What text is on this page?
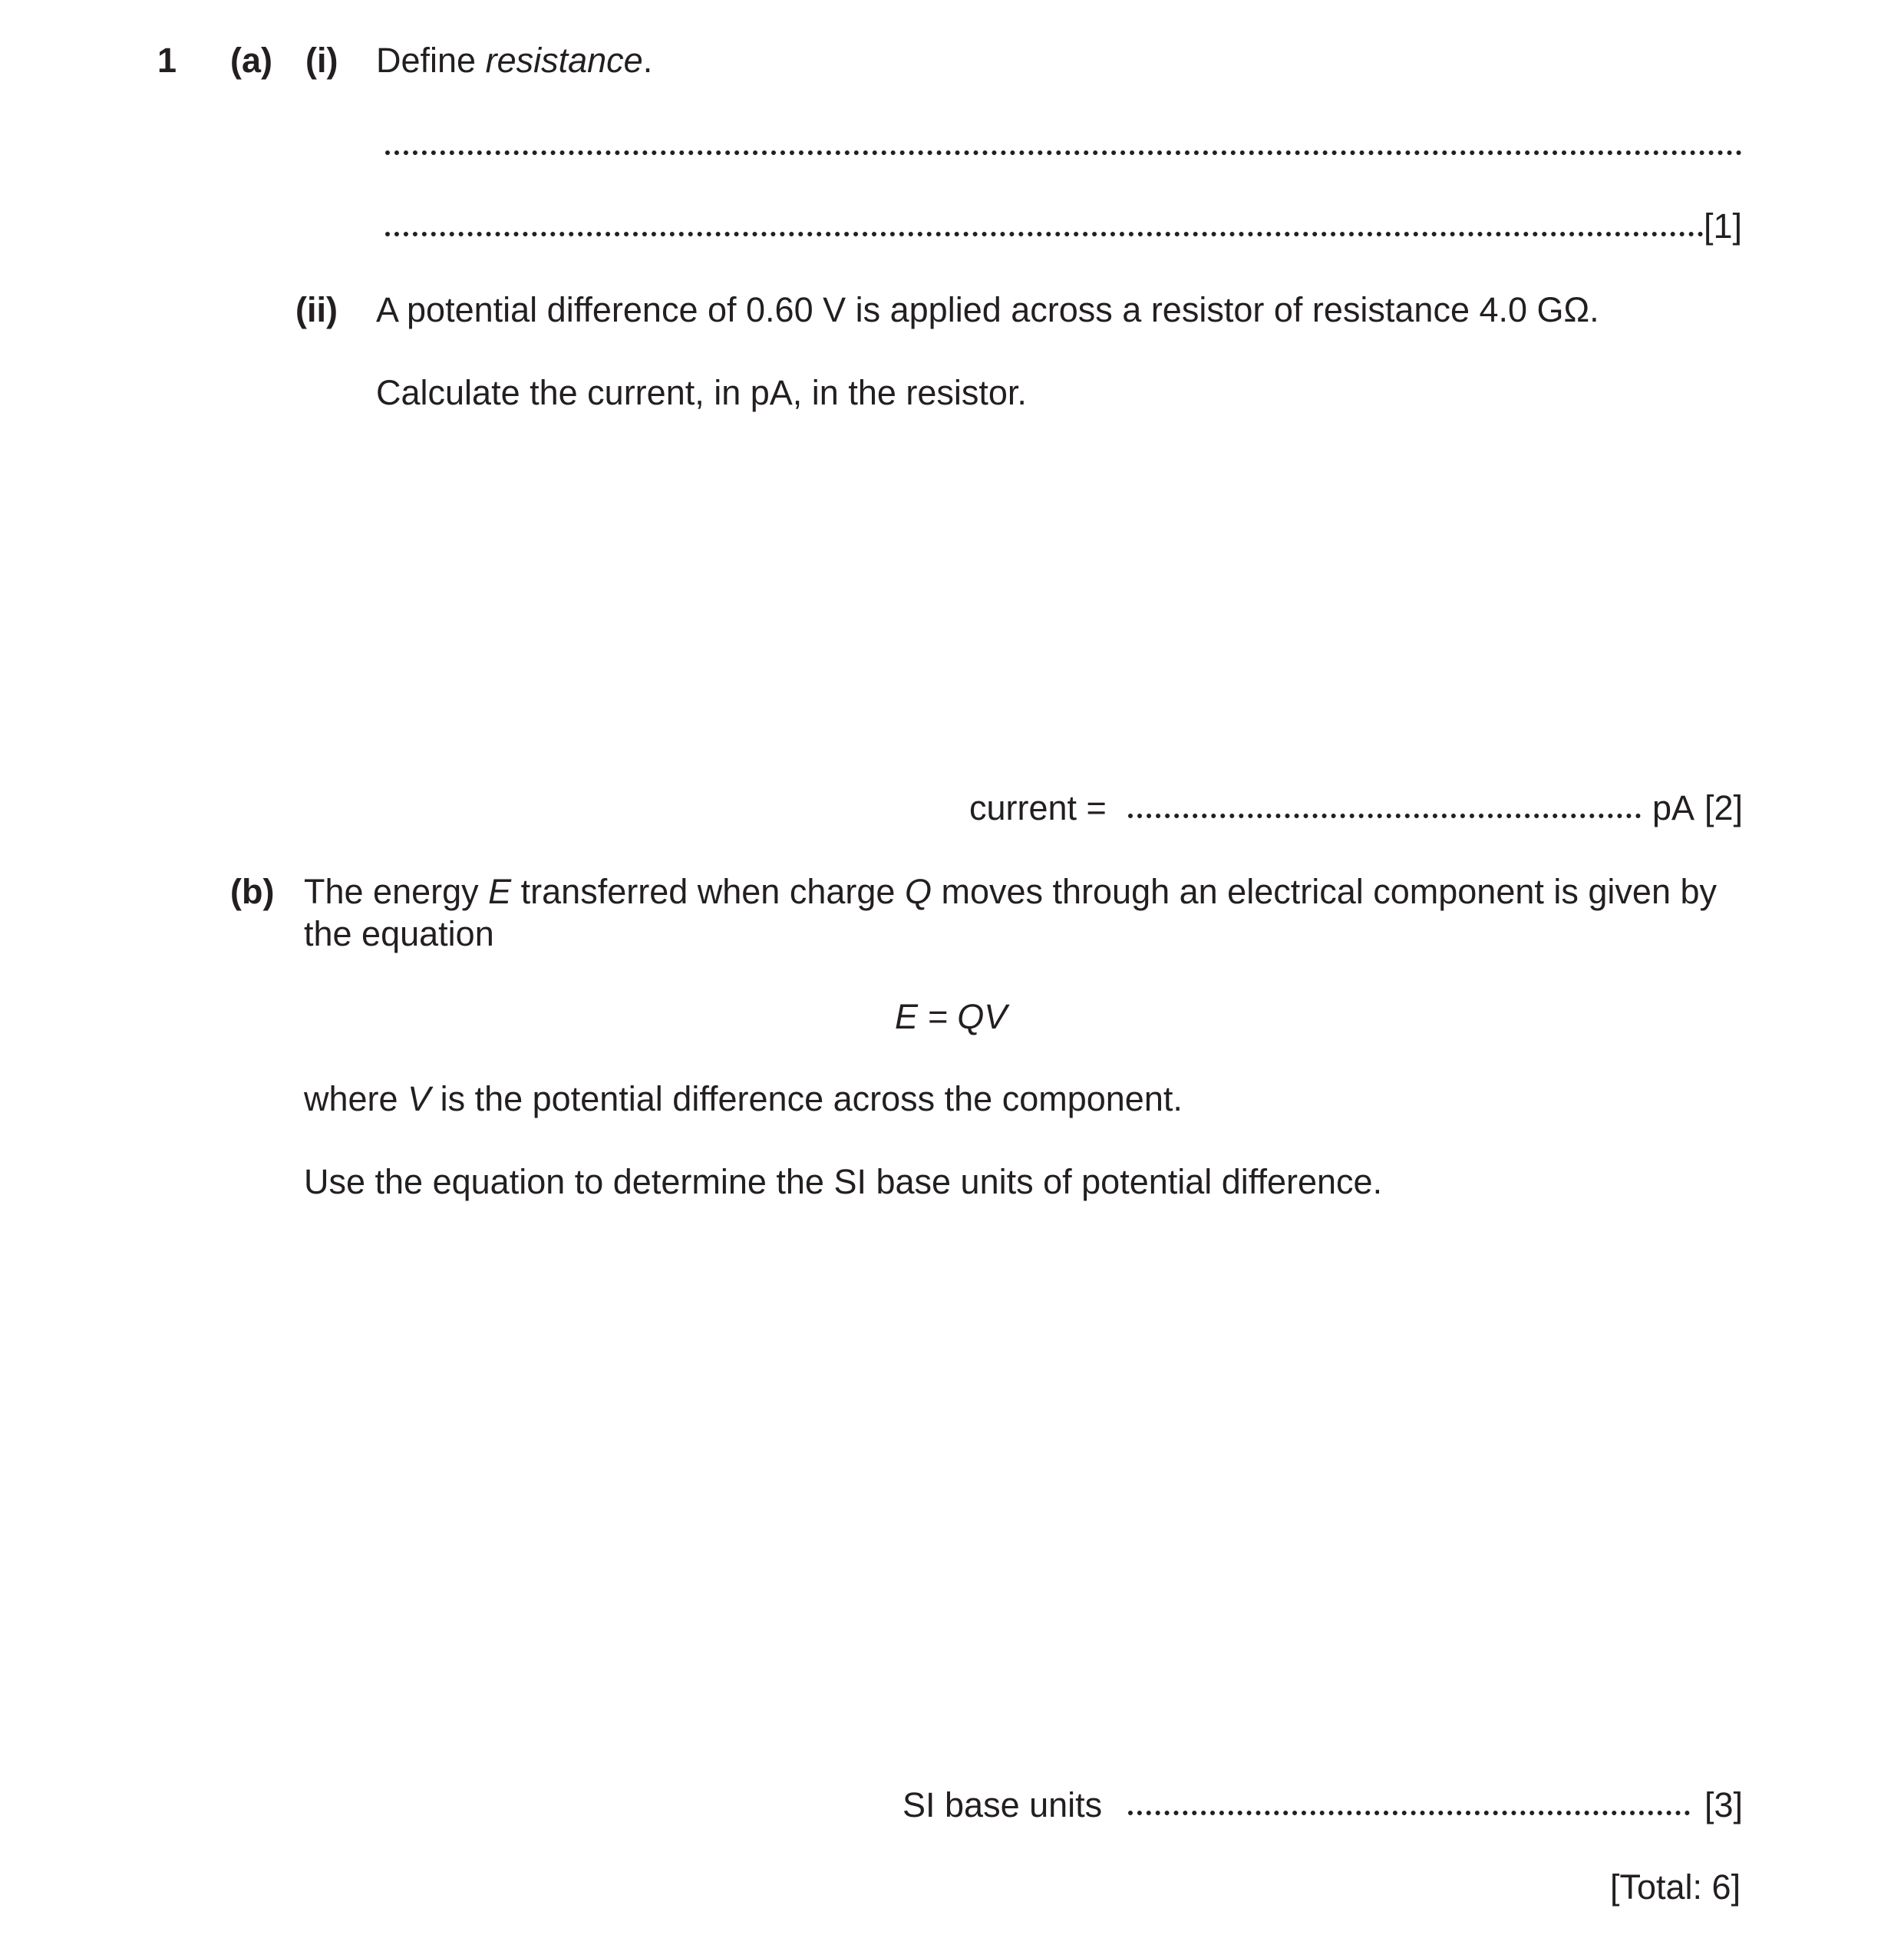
1 (a) (i) Define resistance.
[1]
(ii) A potential difference of 0.60 V is applied across a resistor of resistance 4.0 GΩ.
Calculate the current, in pA, in the resistor.
current =	pA [2]
(b) The energy E transferred when charge Q moves through an electrical component is given by
the equation
E = QV
where V is the potential difference across the component.
Use the equation to determine the SI base units of potential difference.
SI base units	[3]
[Total: 6]
